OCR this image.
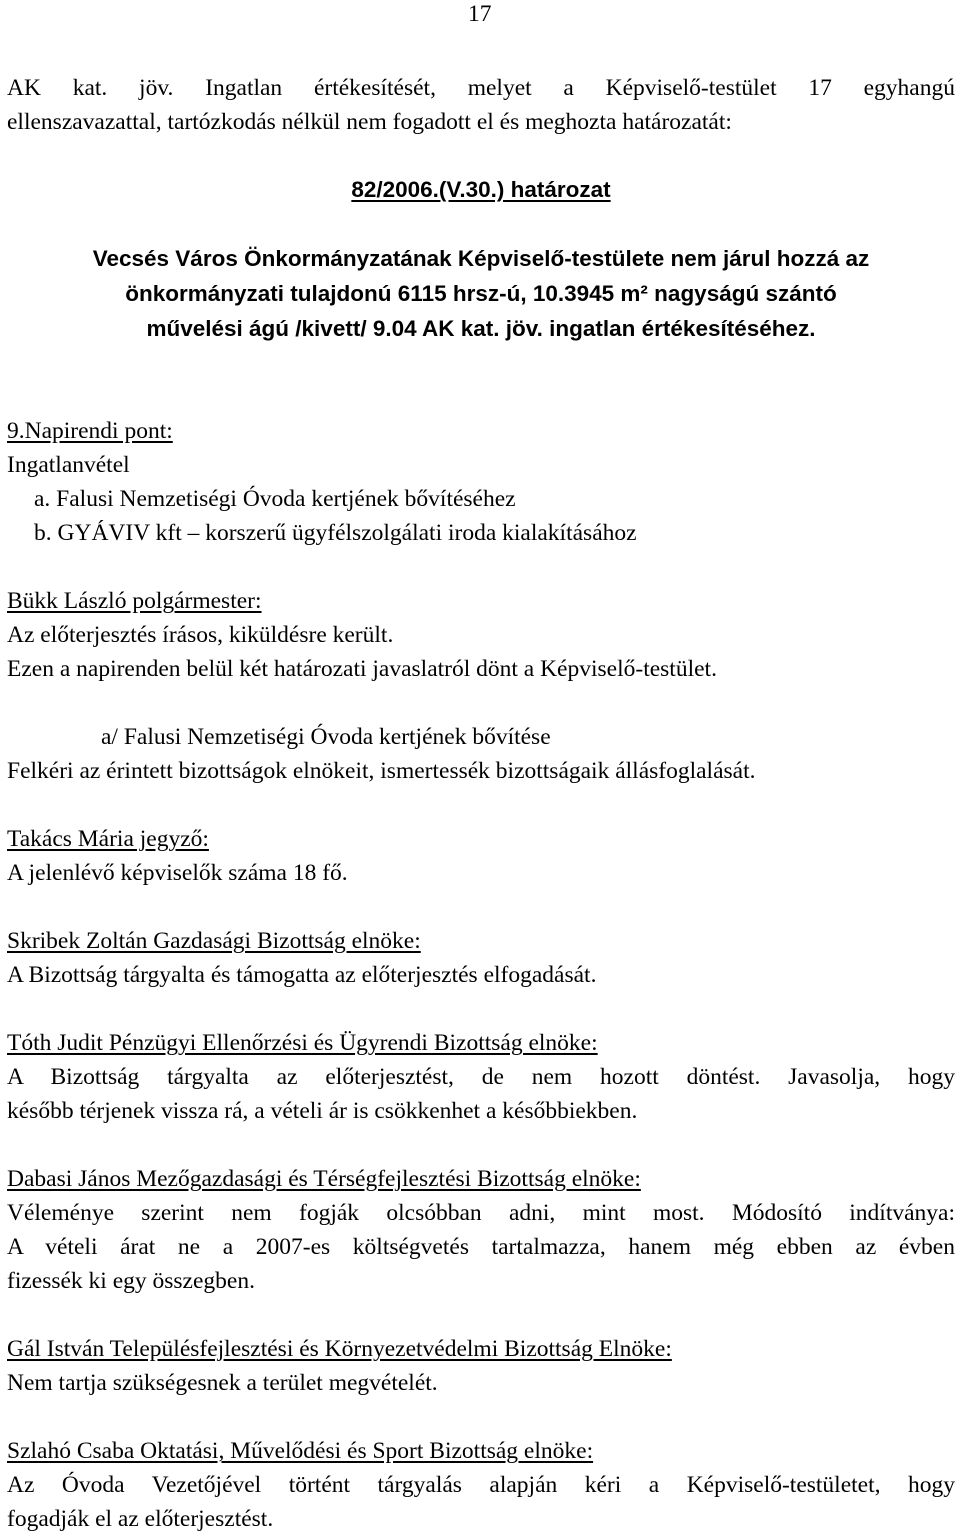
17

AK kat. jöv. Ingatlan értékesítését, melyet a Képviselő-testület 17 egyhangú

ellenszavazattal, tartózkodás nélkül nem fogadott el és meghozta határozatát:

82/2006.(V.30.) határozat

Vecsés Város Önkormányzatának Képviselő-testülete nem járul hozzá az

önkormányzati tulajdonú 6115 hrsz-ú, 10.3945 m² nagyságú szántó

művelési ágú /kivett/ 9.04 AK kat. jöv. ingatlan értékesítéséhez.

9.Napirendi pont:

Ingatlanvétel

a. Falusi Nemzetiségi Óvoda kertjének bővítéséhez

b. GYÁVIV kft – korszerű ügyfélszolgálati iroda kialakításához

Bükk László polgármester:

Az előterjesztés írásos, kiküldésre került.

Ezen a napirenden belül két határozati javaslatról dönt a Képviselő-testület.

a/ Falusi Nemzetiségi Óvoda kertjének bővítése

Felkéri az érintett bizottságok elnökeit, ismertessék bizottságaik állásfoglalását.

Takács Mária jegyző:

A jelenlévő képviselők száma 18 fő.

Skribek Zoltán Gazdasági Bizottság elnöke:

A Bizottság tárgyalta és támogatta az előterjesztés elfogadását.

Tóth Judit Pénzügyi Ellenőrzési és Ügyrendi Bizottság elnöke:

A Bizottság tárgyalta az előterjesztést, de nem hozott döntést. Javasolja, hogy

később térjenek vissza rá, a vételi ár is csökkenhet a későbbiekben.

Dabasi János Mezőgazdasági és Térségfejlesztési Bizottság elnöke:

Véleménye szerint nem fogják olcsóbban adni, mint most. Módosító indítványa:

A vételi árat ne a 2007-es költségvetés tartalmazza, hanem még ebben az évben

fizessék ki egy összegben.

Gál István Településfejlesztési és Környezetvédelmi Bizottság Elnöke:

Nem tartja szükségesnek a terület megvételét.

Szlahó Csaba Oktatási, Művelődési és Sport Bizottság elnöke:

Az Óvoda Vezetőjével történt tárgyalás alapján kéri a Képviselő-testületet, hogy

fogadják el az előterjesztést.
